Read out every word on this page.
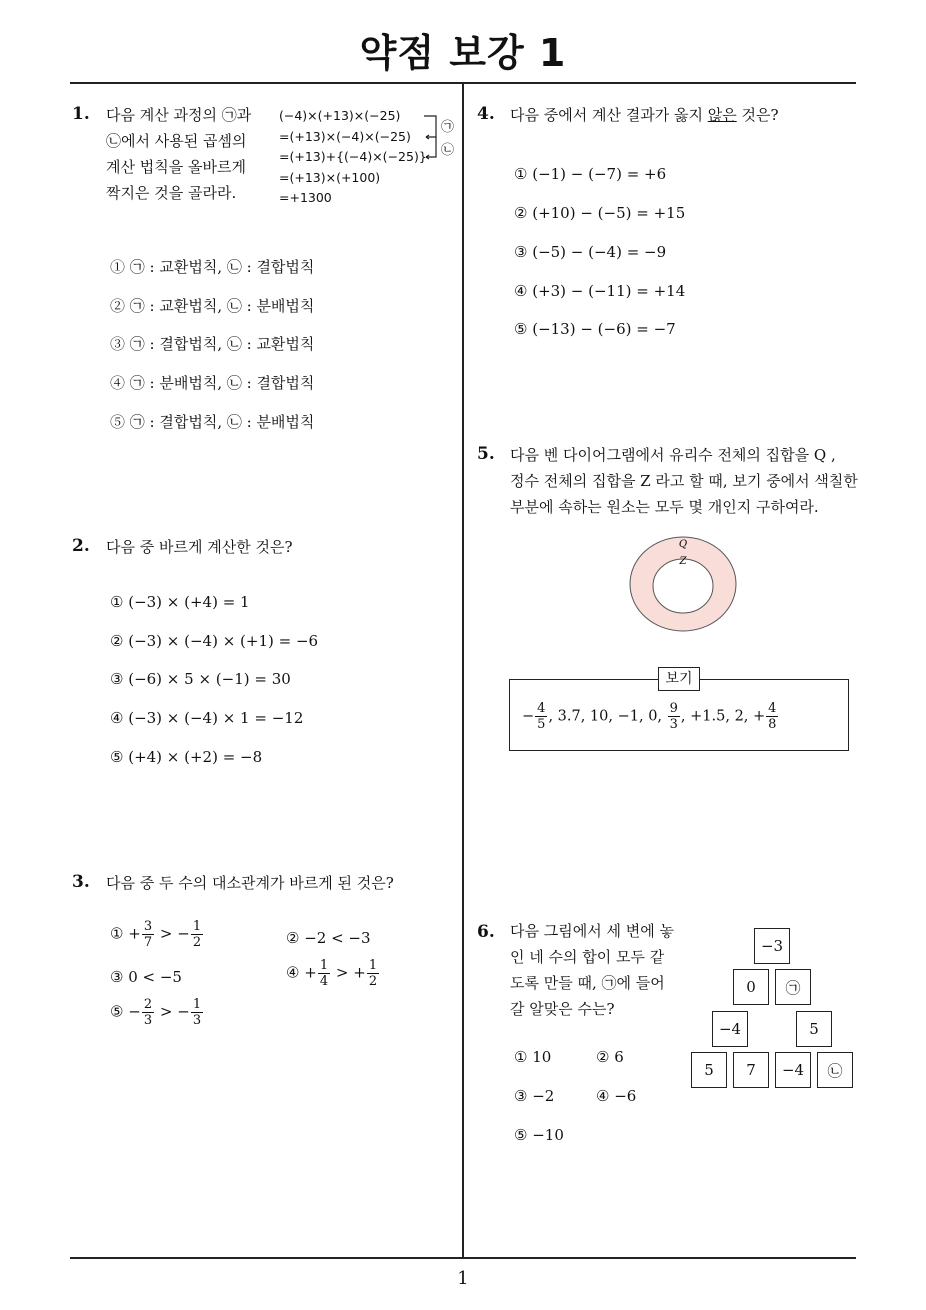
약점 보강 1
1. 다음 계산 과정의 ㉠과
㉡에서 사용된 곱셈의
계산 법칙을 올바르게
짝지은 것을 골라라.
(−4)×(+13)×(−25)
=(+13)×(−4)×(−25)
=(+13)+{(−4)×(−25)}
=(+13)×(+100)
=+1300
㉠
㉡
① ㉠ : 교환법칙, ㉡ : 결합법칙
② ㉠ : 교환법칙, ㉡ : 분배법칙
③ ㉠ : 결합법칙, ㉡ : 교환법칙
④ ㉠ : 분배법칙, ㉡ : 결합법칙
⑤ ㉠ : 결합법칙, ㉡ : 분배법칙
2. 다음 중 바르게 계산한 것은?
① (−3) × (+4) = 1
② (−3) × (−4) × (+1) = −6
③ (−6) × 5 × (−1) = 30
④ (−3) × (−4) × 1 = −12
⑤ (+4) × (+2) = −8
3. 다음 중 두 수의 대소관계가 바르게 된 것은?
① + $\frac{3}{7}$ > − $\frac{1}{2}$	② −2 < −3
③ 0 < −5	④ + $\frac{1}{4}$ > + $\frac{1}{2}$
⑤ − $\frac{2}{3}$ > − $\frac{1}{3}$
4. 다음 중에서 계산 결과가 옳지 않은 것은?
① (−1) − (−7) = +6
② (+10) − (−5) = +15
③ (−5) − (−4) = −9
④ (+3) − (−11) = +14
⑤ (−13) − (−6) = −7
5. 다음 벤 다이어그램에서 유리수 전체의 집합을 Q ,
정수 전체의 집합을 Z 라고 할 때, 보기 중에서 색칠한
부분에 속하는 원소는 모두 몇 개인지 구하여라.
Q
Z
− $\frac{4}{5}$ , 3.7, 10, −1, 0, $\frac{9}{3}$ , +1.5, 2, + $\frac{4}{8}$
보기
6. 다음 그림에서 세 변에 놓
인 네 수의 합이 모두 같
도록 만들 때, ㉠에 들어
갈 알맞은 수는?
−3
0	㉠
−4	5
5	7	−4	㉡
① 10	② 6
③ −2	④ −6
⑤ −10
1
